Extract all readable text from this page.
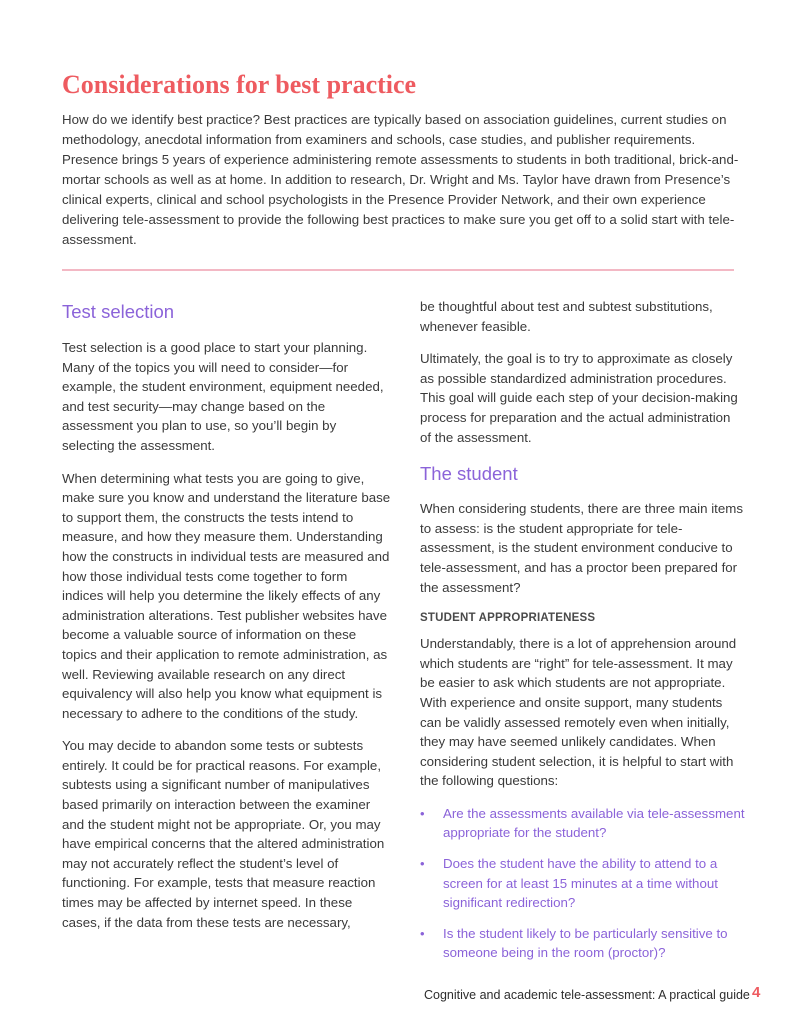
Considerations for best practice

How do we identify best practice? Best practices are typically based on association guidelines, current studies on methodology, anecdotal information from examiners and schools, case studies, and publisher requirements. Presence brings 5 years of experience administering remote assessments to students in both traditional, brick-and-mortar schools as well as at home. In addition to research, Dr. Wright and Ms. Taylor have drawn from Presence’s clinical experts, clinical and school psychologists in the Presence Provider Network, and their own experience delivering tele-assessment to provide the following best practices to make sure you get off to a solid start with tele-assessment.

Test selection

Test selection is a good place to start your planning. Many of the topics you will need to consider—for example, the student environment, equipment needed, and test security—may change based on the assessment you plan to use, so you’ll begin by selecting the assessment.

When determining what tests you are going to give, make sure you know and understand the literature base to support them, the constructs the tests intend to measure, and how they measure them. Understanding how the constructs in individual tests are measured and how those individual tests come together to form indices will help you determine the likely effects of any administration alterations. Test publisher websites have become a valuable source of information on these topics and their application to remote administration, as well. Reviewing available research on any direct equivalency will also help you know what equipment is necessary to adhere to the conditions of the study.

You may decide to abandon some tests or subtests entirely. It could be for practical reasons. For example, subtests using a significant number of manipulatives based primarily on interaction between the examiner and the student might not be appropriate. Or, you may have empirical concerns that the altered administration may not accurately reflect the student’s level of functioning. For example, tests that measure reaction times may be affected by internet speed. In these cases, if the data from these tests are necessary,

be thoughtful about test and subtest substitutions, whenever feasible.

Ultimately, the goal is to try to approximate as closely as possible standardized administration procedures. This goal will guide each step of your decision-making process for preparation and the actual administration of the assessment.

The student

When considering students, there are three main items to assess: is the student appropriate for tele-assessment, is the student environment conducive to tele-assessment, and has a proctor been prepared for the assessment?

STUDENT APPROPRIATENESS

Understandably, there is a lot of apprehension around which students are “right” for tele-assessment. It may be easier to ask which students are not appropriate. With experience and onsite support, many students can be validly assessed remotely even when initially, they may have seemed unlikely candidates. When considering student selection, it is helpful to start with the following questions:

• Are the assessments available via tele-assessment appropriate for the student?
• Does the student have the ability to attend to a screen for at least 15 minutes at a time without significant redirection?
• Is the student likely to be particularly sensitive to someone being in the room (proctor)?
Cognitive and academic tele-assessment: A practical guide 4
